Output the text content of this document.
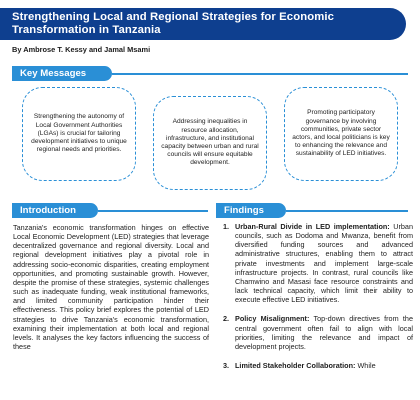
Strengthening Local and Regional Strategies for Economic Transformation in Tanzania
By Ambrose T. Kessy and Jamal Msami
Key Messages
Strengthening the autonomy of Local Government Authorities (LGAs) is crucial for tailoring development initiatives to unique regional needs and priorities.
Addressing inequalities in resource allocation, infrastructure, and institutional capacity between urban and rural councils will ensure equitable development.
Promoting participatory governance by involving communities, private sector actors, and local politicians is key to enhancing the relevance and sustainability of LED initiatives.
Introduction

Tanzania's economic transformation hinges on effective Local Economic Development (LED) strategies that leverage decentralized governance and regional diversity. Local and regional development initiatives play a pivotal role in addressing socio-economic disparities, creating employment opportunities, and promoting sustainable growth. However, despite the promise of these strategies, systemic challenges such as inadequate funding, weak institutional frameworks, and limited community participation hinder their effectiveness. This policy brief explores the potential of LED strategies to drive Tanzania's economic transformation, examining their implementation at both local and regional levels. It analyses the key factors influencing the success of these

Findings
1. Urban-Rural Divide in LED implementation: Urban councils, such as Dodoma and Mwanza, benefit from diversified funding sources and advanced administrative structures, enabling them to attract private investments and implement large-scale infrastructure projects. In contrast, rural councils like Chamwino and Masasi face resource constraints and lack technical capacity, which limit their ability to execute effective LED initiatives.

2. Policy Misalignment: Top-down directives from the central government often fail to align with local priorities, limiting the relevance and impact of development projects.

3. Limited Stakeholder Collaboration: While
